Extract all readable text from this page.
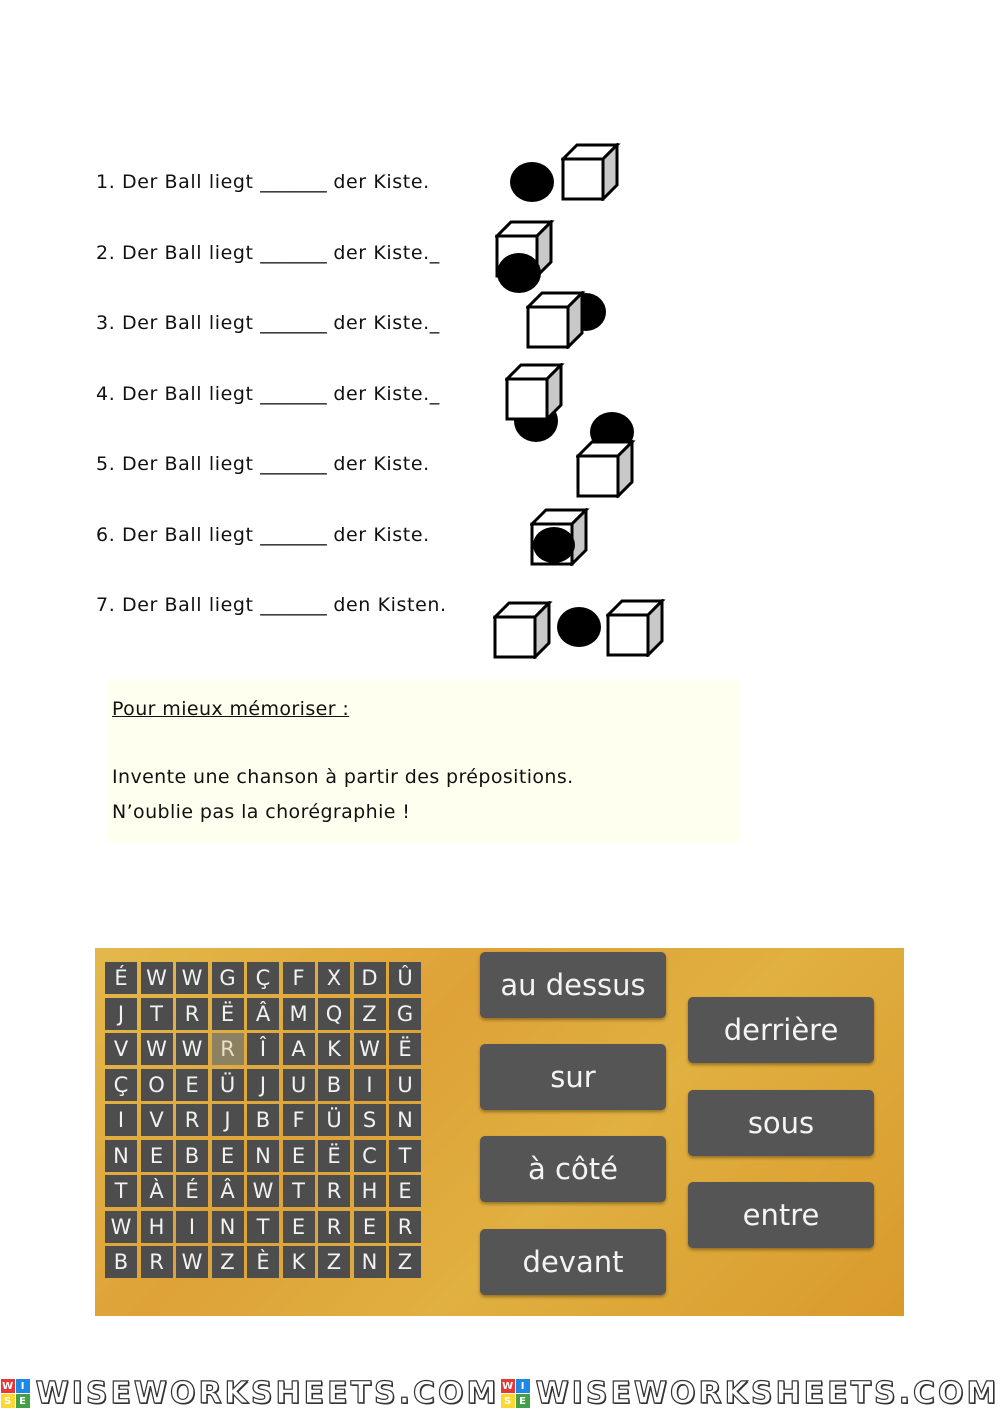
1. Der Ball liegt _______ der Kiste.
2. Der Ball liegt _______ der Kiste._
3. Der Ball liegt _______ der Kiste._
4. Der Ball liegt _______ der Kiste._
5. Der Ball liegt _______ der Kiste.
6. Der Ball liegt _______ der Kiste.
7. Der Ball liegt _______ den Kisten.
Pour mieux mémoriser :
Invente une chanson à partir des prépositions.
N’oublie pas la chorégraphie !
É W W G Ç	F	X D Û
J	T	R	Ë	Â M Q Z G
V W W R	Î	A	K W Ë
Ç O E	Ü	J	U B	I	U
I	V	R	J	B	F	Ü	S N
N	E	B	E	N	E	Ë	C	T
T	À	É	Â W T	R H E
W H	I	N	T	E	R	E	R
B	R W Z	È	K	Z N Z
au dessus
sur
à côté
devant
derrière
sous
entre
W I
S E WISEWORKSHEETS.COM W I
S E WISEWORKSHEETS.COM
